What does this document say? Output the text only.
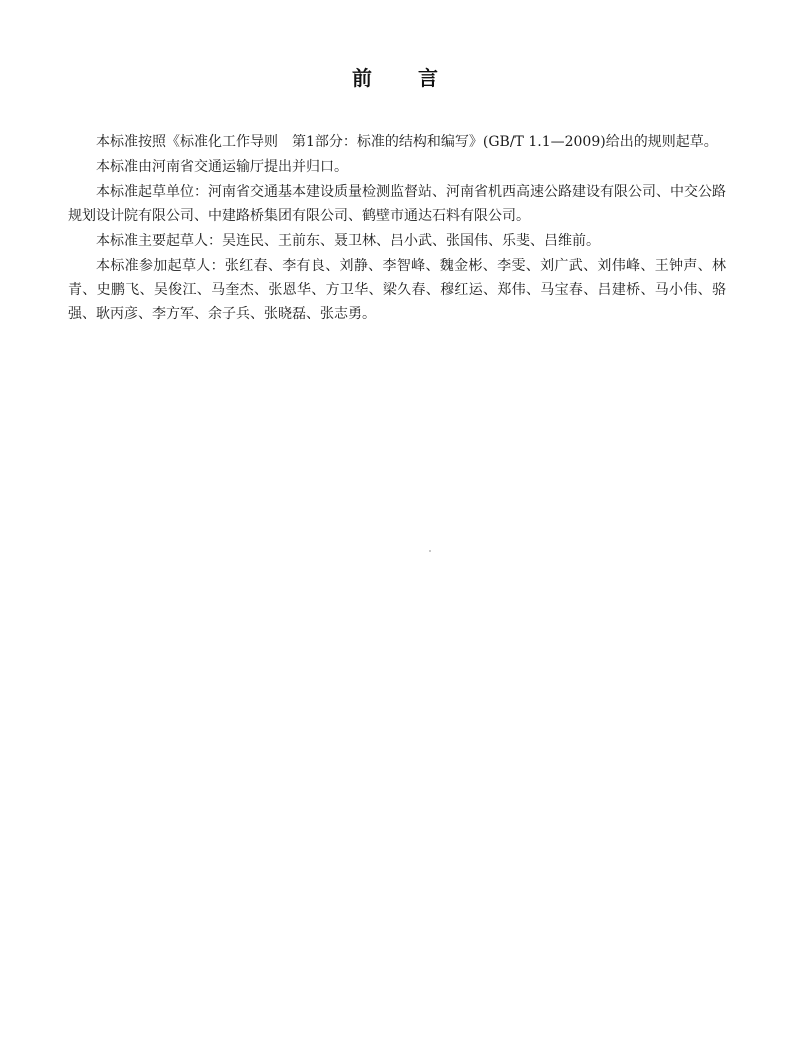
前言

本标准按照《标准化工作导则　第1部分：标准的结构和编写》(GB/T 1.1—2009)给出的规则起草。

本标准由河南省交通运输厅提出并归口。

本标准起草单位：河南省交通基本建设质量检测监督站、河南省机西高速公路建设有限公司、中交公路规划设计院有限公司、中建路桥集团有限公司、鹤壁市通达石料有限公司。

本标准主要起草人：吴连民、王前东、聂卫林、吕小武、张国伟、乐斐、吕维前。

本标准参加起草人：张红春、李有良、刘静、李智峰、魏金彬、李雯、刘广武、刘伟峰、王钟声、林青、史鹏飞、吴俊江、马奎杰、张恩华、方卫华、梁久春、穆红运、郑伟、马宝春、吕建桥、马小伟、骆强、耿丙彦、李方军、余子兵、张晓磊、张志勇。
